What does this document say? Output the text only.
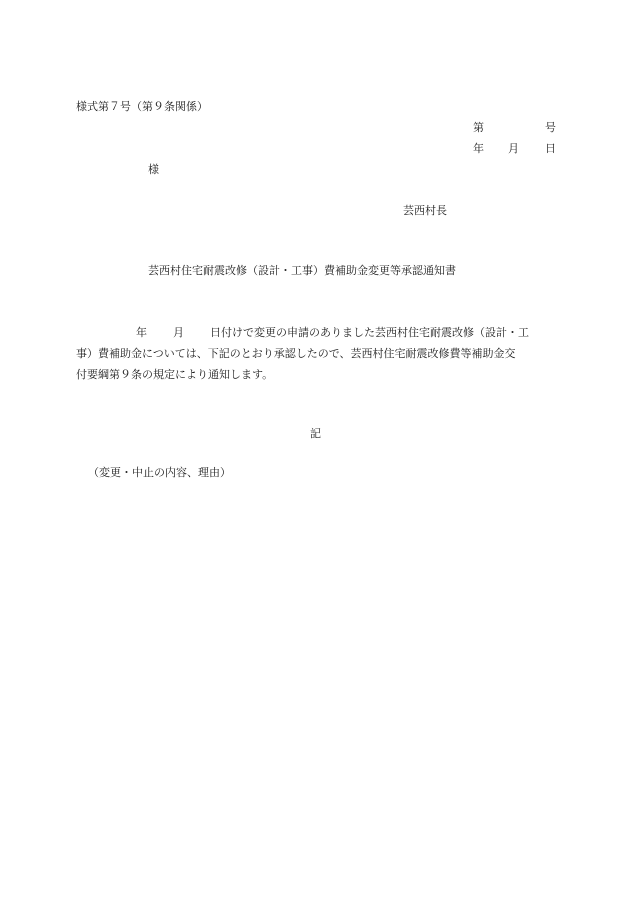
様式第７号（第９条関係）
第	号
年 月 日
様
芸西村長
芸西村住宅耐震改修（設計・工事）費補助金変更等承認通知書
年 月 日付けで変更の申請のありました芸西村住宅耐震改修（設計・工
事）費補助金については、下記のとおり承認したので、芸西村住宅耐震改修費等補助金交
付要綱第９条の規定により通知します。
記
（変更・中止の内容、理由）
